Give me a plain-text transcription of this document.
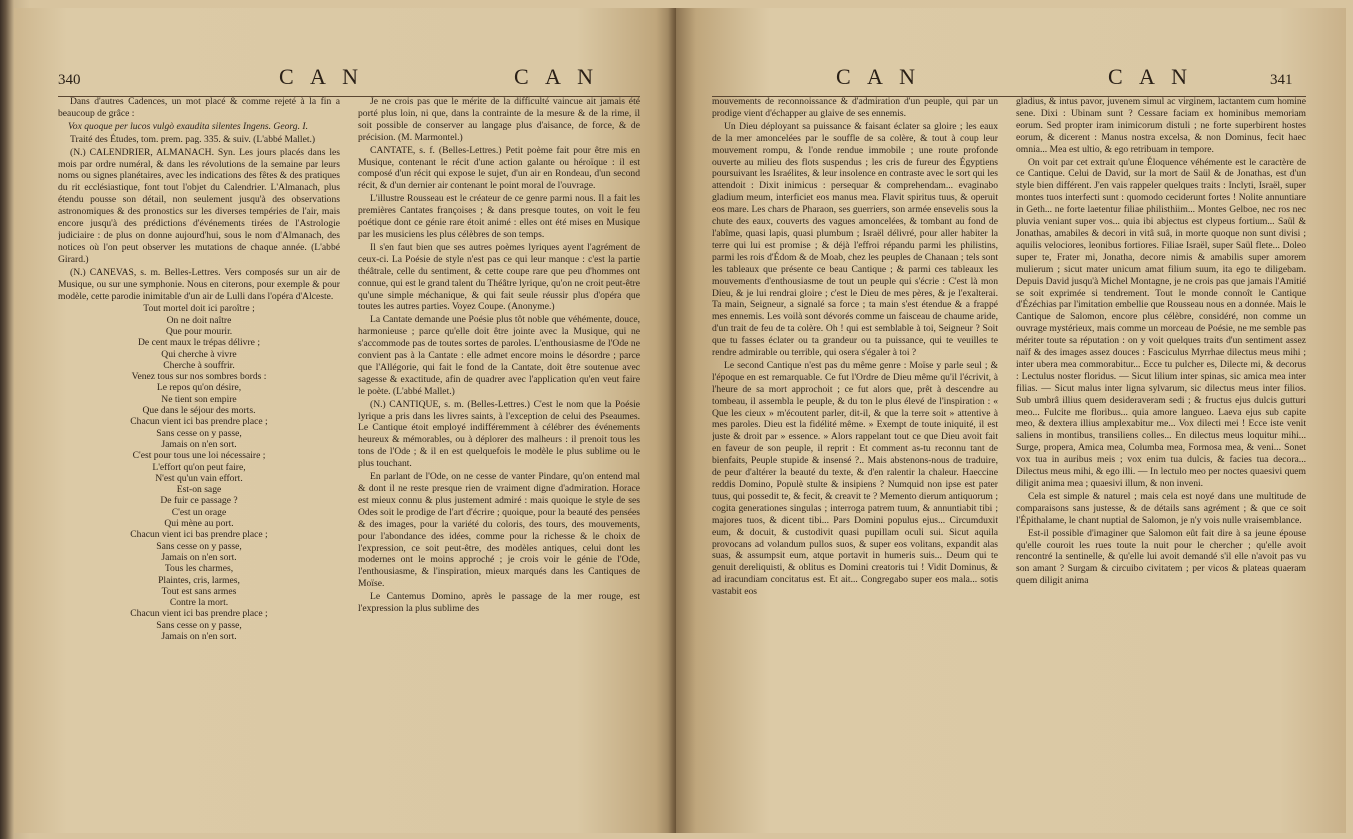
340	C A N	C A N

Dans d'autres Cadences, un mot placé & comme rejeté à la fin a beaucoup de grâce :

Vox quoque per lucos vulgò exaudita silentes Ingens. Georg. I.

Traité des Études, tom. prem. pag. 335. & suiv. (L'abbé Mallet.)

(N.) CALENDRIER, ALMANACH. Syn. Les jours placés dans les mois par ordre numéral, & dans les révolutions de la semaine par leurs noms ou signes planétaires, avec les indications des fêtes & des pratiques du rit ecclésiastique, font tout l'objet du Calendrier. L'Almanach, plus étendu pousse son détail, non seulement jusqu'à des observations astronomiques & des pronostics sur les diverses tempéries de l'air, mais encore jusqu'à des prédictions d'événements tirées de l'Astrologie judiciaire : de plus on donne aujourd'hui, sous le nom d'Almanach, des notices où l'on peut observer les mutations de chaque année. (L'abbé Girard.)

(N.) CANEVAS, s. m. Belles-Lettres. Vers composés sur un air de Musique, ou sur une symphonie. Nous en citerons, pour exemple & pour modèle, cette parodie inimitable d'un air de Lulli dans l'opéra d'Alceste.

Tout mortel doit ici paroître ;

On ne doit naître

Que pour mourir.

De cent maux le trépas délivre ;

Qui cherche à vivre

Cherche à souffrir.

Venez tous sur nos sombres bords :

Le repos qu'on désire,

Ne tient son empire

Que dans le séjour des morts.

Chacun vient ici bas prendre place ;

Sans cesse on y passe,

Jamais on n'en sort.

C'est pour tous une loi nécessaire ;

L'effort qu'on peut faire,

N'est qu'un vain effort.

Est-on sage

De fuir ce passage ?

C'est un orage

Qui mène au port.

Chacun vient ici bas prendre place ;

Sans cesse on y passe,

Jamais on n'en sort.

Tous les charmes,

Plaintes, cris, larmes,

Tout est sans armes

Contre la mort.

Chacun vient ici bas prendre place ;

Sans cesse on y passe,

Jamais on n'en sort.

Je ne crois pas que le mérite de la difficulté vaincue ait jamais été porté plus loin, ni que, dans la contrainte de la mesure & de la rime, il soit possible de conserver au langage plus d'aisance, de force, & de précision. (M. Marmontel.)

CANTATE, s. f. (Belles-Lettres.) Petit poème fait pour être mis en Musique, contenant le récit d'une action galante ou héroïque : il est composé d'un récit qui expose le sujet, d'un air en Rondeau, d'un second récit, & d'un dernier air contenant le point moral de l'ouvrage.

L'illustre Rousseau est le créateur de ce genre parmi nous. Il a fait les premières Cantates françoises ; & dans presque toutes, on voit le feu poétique dont ce génie rare étoit animé : elles ont été mises en Musique par les musiciens les plus célèbres de son temps.

Il s'en faut bien que ses autres poèmes lyriques ayent l'agrément de ceux-ci. La Poésie de style n'est pas ce qui leur manque : c'est la partie théâtrale, celle du sentiment, & cette coupe rare que peu d'hommes ont connue, qui est le grand talent du Théâtre lyrique, qu'on ne croit peut-être qu'une simple méchanique, & qui fait seule réussir plus d'opéra que toutes les autres parties. Voyez Coupe. (Anonyme.)

La Cantate demande une Poésie plus tôt noble que véhémente, douce, harmonieuse ; parce qu'elle doit être jointe avec la Musique, qui ne s'accommode pas de toutes sortes de paroles. L'enthousiasme de l'Ode ne convient pas à la Cantate : elle admet encore moins le désordre ; parce que l'Allégorie, qui fait le fond de la Cantate, doit être soutenue avec sagesse & exactitude, afin de quadrer avec l'application qu'en veut faire le poète. (L'abbé Mallet.)

(N.) CANTIQUE, s. m. (Belles-Lettres.) C'est le nom que la Poésie lyrique a pris dans les livres saints, à l'exception de celui des Pseaumes. Le Cantique étoit employé indifféremment à célébrer des événements heureux & mémorables, ou à déplorer des malheurs : il prenoit tous les tons de l'Ode ; & il en est quelquefois le modèle le plus sublime ou le plus touchant.

En parlant de l'Ode, on ne cesse de vanter Pindare, qu'on entend mal & dont il ne reste presque rien de vraiment digne d'admiration. Horace est mieux connu & plus justement admiré : mais quoique le style de ses Odes soit le prodige de l'art d'écrire ; quoique, pour la beauté des pensées & des images, pour la variété du coloris, des tours, des mouvements, pour l'abondance des idées, comme pour la richesse & le choix de l'expression, ce soit peut-être, des modèles antiques, celui dont les modernes ont le moins approché ; je crois voir le génie de l'Ode, l'enthousiasme, & l'inspiration, mieux marqués dans les Cantiques de Moïse.

Le Cantemus Domino, après le passage de la mer rouge, est l'expression la plus sublime des

C A N	C A N	341

mouvements de reconnoissance & d'admiration d'un peuple, qui par un prodige vient d'échapper au glaive de ses ennemis.

Un Dieu déployant sa puissance & faisant éclater sa gloire ; les eaux de la mer amoncelées par le souffle de sa colère, & tout à coup leur mouvement rompu, & l'onde rendue immobile ; une route profonde ouverte au milieu des flots suspendus ; les cris de fureur des Égyptiens poursuivant les Israélites, & leur insolence en contraste avec le sort qui les attendoit : Dixit inimicus : persequar & comprehendam... evaginabo gladium meum, interficiet eos manus mea. Flavit spiritus tuus, & operuit eos mare. Les chars de Pharaon, ses guerriers, son armée ensevelis sous la chute des eaux, couverts des vagues amoncelées, & tombant au fond de l'abîme, quasi lapis, quasi plumbum ; Israël délivré, pour aller habiter la terre qui lui est promise ; & déjà l'effroi répandu parmi les philistins, parmi les rois d'Édom & de Moab, chez les peuples de Chanaan ; tels sont les tableaux que présente ce beau Cantique ; & parmi ces tableaux les mouvements d'enthousiasme de tout un peuple qui s'écrie : C'est là mon Dieu, & je lui rendrai gloire ; c'est le Dieu de mes pères, & je l'exalterai. Ta main, Seigneur, a signalé sa force ; ta main s'est étendue & a frappé mes ennemis. Les voilà sont dévorés comme un faisceau de chaume aride, d'un trait de feu de ta colère. Oh ! qui est semblable à toi, Seigneur ? Soit que tu fasses éclater ou ta grandeur ou ta puissance, qui te veuilles te rendre admirable ou terrible, qui osera s'égaler à toi ?

Le second Cantique n'est pas du même genre : Moïse y parle seul ; & l'époque en est remarquable. Ce fut l'Ordre de Dieu même qu'il l'écrivit, à l'heure de sa mort approchoit ; ce fut alors que, prêt à descendre au tombeau, il assembla le peuple, & du ton le plus élevé de l'inspiration : « Que les cieux » m'écoutent parler, dit-il, & que la terre soit » attentive à mes paroles. Dieu est la fidélité même. » Exempt de toute iniquité, il est juste & droit par » essence. » Alors rappelant tout ce que Dieu avoit fait en faveur de son peuple, il reprit : Et comment as-tu reconnu tant de bienfaits, Peuple stupide & insensé ?.. Mais abstenons-nous de traduire, de peur d'altérer la beauté du texte, & d'en ralentir la chaleur. Haeccine reddis Domino, Populè stulte & insipiens ? Numquid non ipse est pater tuus, qui possedit te, & fecit, & creavit te ? Memento dierum antiquorum ; cogita generationes singulas ; interroga patrem tuum, & annuntiabit tibi ; majores tuos, & dicent tibi... Pars Domini populus ejus... Circumduxit eum, & docuit, & custodivit quasi pupillam oculi sui. Sicut aquila provocans ad volandum pullos suos, & super eos volitans, expandit alas suas, & assumpsit eum, atque portavit in humeris suis... Deum qui te genuit dereliquisti, & oblitus es Domini creatoris tui ! Vidit Dominus, & ad iracundiam concitatus est. Et ait... Congregabo super eos mala... sotis vastabit eos

gladius, & intus pavor, juvenem simul ac virginem, lactantem cum homine sene. Dixi : Ubinam sunt ? Cessare faciam ex hominibus memoriam eorum. Sed propter iram inimicorum distuli ; ne forte superbirent hostes eorum, & dicerent : Manus nostra excelsa, & non Dominus, fecit haec omnia... Mea est ultio, & ego retribuam in tempore.

On voit par cet extrait qu'une Éloquence véhémente est le caractère de ce Cantique. Celui de David, sur la mort de Saül & de Jonathas, est d'un style bien différent. J'en vais rappeler quelques traits : Inclyti, Israël, super montes tuos interfecti sunt : quomodo ceciderunt fortes ! Nolite annuntiare in Geth... ne forte laetentur filiae philisthiim... Montes Gelboe, nec ros nec pluvia veniant super vos... quia ibi abjectus est clypeus fortium... Saül & Jonathas, amabiles & decori in vitâ suâ, in morte quoque non sunt divisi ; aquilis velociores, leonibus fortiores. Filiae Israël, super Saül flete... Doleo super te, Frater mi, Jonatha, decore nimis & amabilis super amorem mulierum ; sicut mater unicum amat filium suum, ita ego te diligebam. Depuis David jusqu'à Michel Montagne, je ne crois pas que jamais l'Amitié se soit exprimée si tendrement. Tout le monde connoît le Cantique d'Ézéchias par l'imitation embellie que Rousseau nous en a donnée. Mais le Cantique de Salomon, encore plus célèbre, considéré, non comme un ouvrage mystérieux, mais comme un morceau de Poésie, ne me semble pas mériter toute sa réputation : on y voit quelques traits d'un sentiment assez naïf & des images assez douces : Fasciculus Myrrhae dilectus meus mihi ; inter ubera mea commorabitur... Ecce tu pulcher es, Dilecte mi, & decorus : Lectulus noster floridus. — Sicut lilium inter spinas, sic amica mea inter filias. — Sicut malus inter ligna sylvarum, sic dilectus meus inter filios. Sub umbrâ illius quem desideraveram sedi ; & fructus ejus dulcis gutturi meo... Fulcite me floribus... quia amore langueo. Laeva ejus sub capite meo, & dextera illius amplexabitur me... Vox dilecti mei ! Ecce iste venit saliens in montibus, transiliens colles... En dilectus meus loquitur mihi... Surge, propera, Amica mea, Columba mea, Formosa mea, & veni... Sonet vox tua in auribus meis ; vox enim tua dulcis, & facies tua decora... Dilectus meus mihi, & ego illi. — In lectulo meo per noctes quaesivi quem diligit anima mea ; quaesivi illum, & non inveni.

Cela est simple & naturel ; mais cela est noyé dans une multitude de comparaisons sans justesse, & de détails sans agrément ; & que ce soit l'Épithalame, le chant nuptial de Salomon, je n'y vois nulle vraisemblance.

Est-il possible d'imaginer que Salomon eût fait dire à sa jeune épouse qu'elle couroit les rues toute la nuit pour le chercher ; qu'elle avoit rencontré la sentinelle, & qu'elle lui avoit demandé s'il elle n'avoit pas vu son amant ? Surgam & circuibo civitatem ; per vicos & plateas quaeram quem diligit anima
